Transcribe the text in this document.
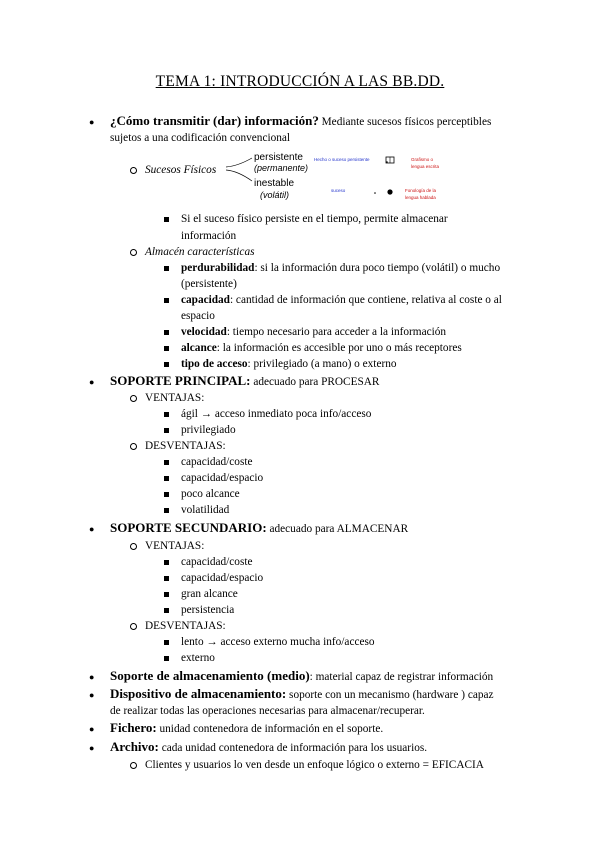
TEMA 1: INTRODUCCIÓN A LAS BB.DD.
● ¿Cómo transmitir (dar) información? Mediante sucesos físicos perceptibles
sujetos a una codificación convencional
Sucesos Físicos
persistente
(permanente)
inestable
(volátil)
Hecho o suceso persistente
suceso
Grafismo o
lengua escrita
Fonología de la
lengua hablada
Si el suceso físico persiste en el tiempo, permite almacenar
información
Almacén características
perdurabilidad: si la información dura poco tiempo (volátil) o mucho
(persistente)
capacidad: cantidad de información que contiene, relativa al coste o al
espacio
velocidad: tiempo necesario para acceder a la información
alcance: la información es accesible por uno o más receptores
tipo de acceso: privilegiado (a mano) o externo
● SOPORTE PRINCIPAL: adecuado para PROCESAR
VENTAJAS:
ágil → acceso inmediato poca info/acceso
privilegiado
DESVENTAJAS:
capacidad/coste
capacidad/espacio
poco alcance
volatilidad
● SOPORTE SECUNDARIO: adecuado para ALMACENAR
VENTAJAS:
capacidad/coste
capacidad/espacio
gran alcance
persistencia
DESVENTAJAS:
lento → acceso externo mucha info/acceso
externo
● Soporte de almacenamiento (medio): material capaz de registrar información
● Dispositivo de almacenamiento: soporte con un mecanismo (hardware ) capaz
de realizar todas las operaciones necesarias para almacenar/recuperar.
● Fichero: unidad contenedora de información en el soporte.
● Archivo: cada unidad contenedora de información para los usuarios.
Clientes y usuarios lo ven desde un enfoque lógico o externo = EFICACIA
